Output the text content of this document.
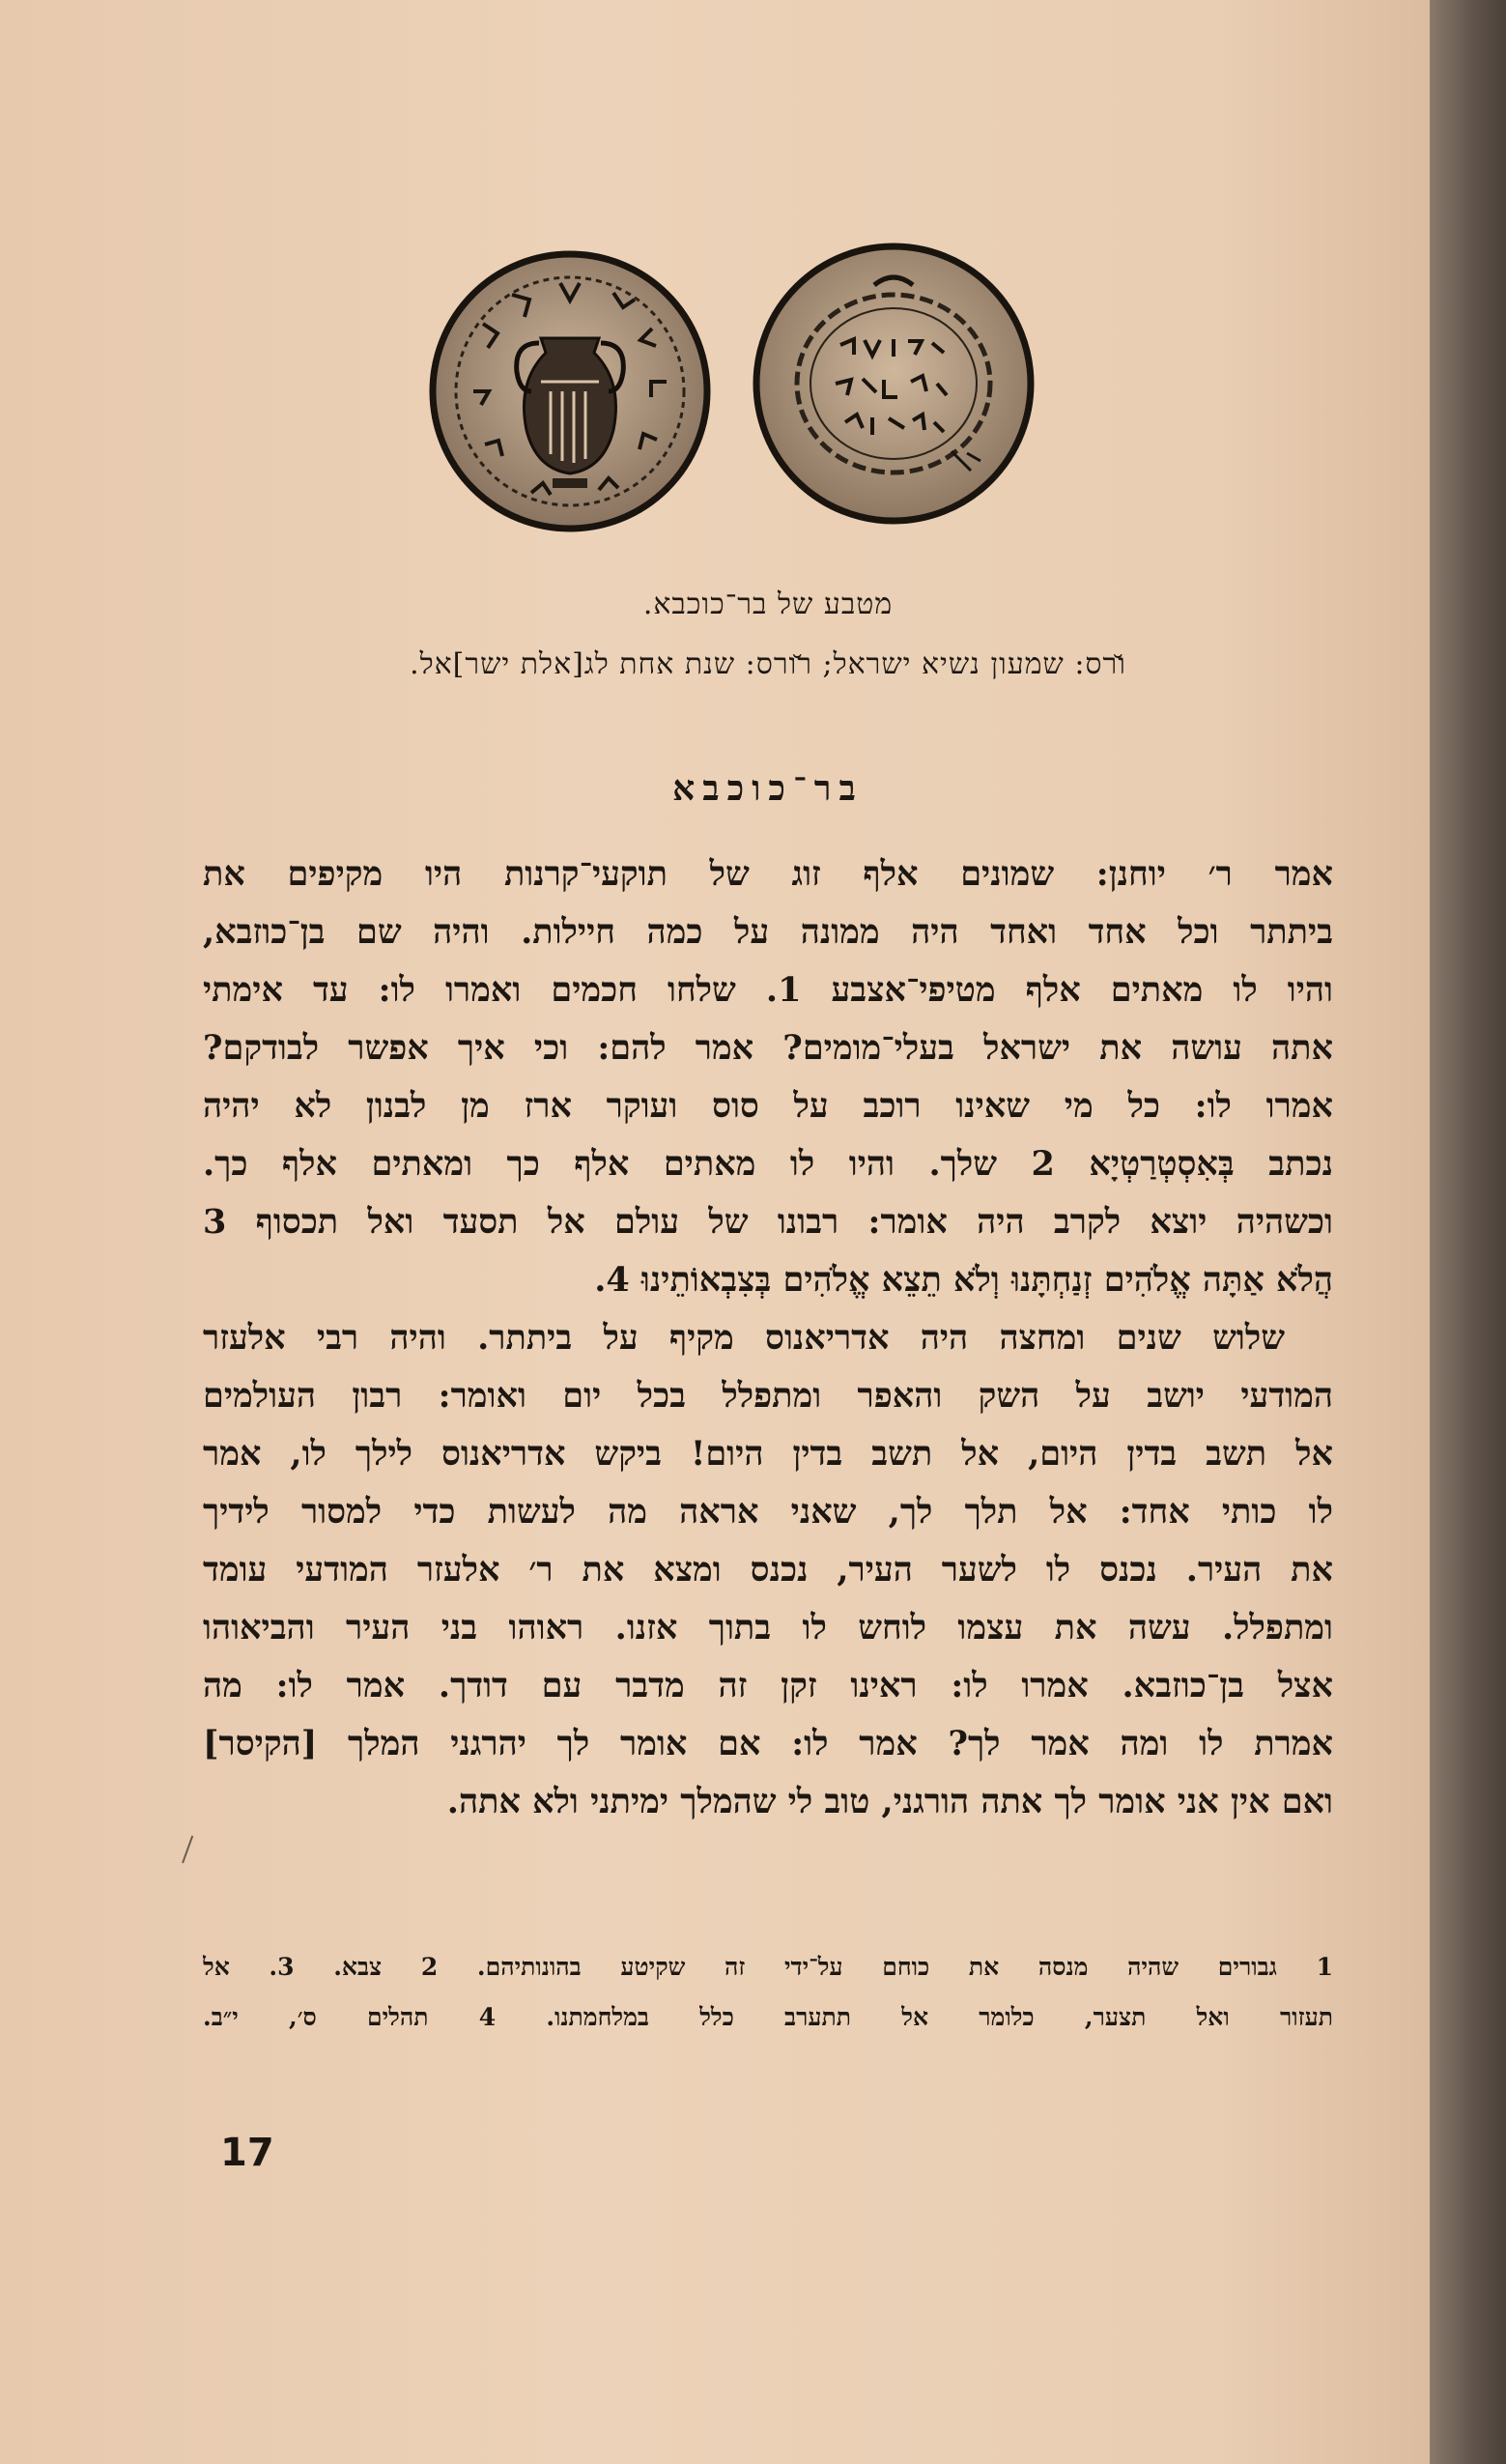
מטבע של בר־כוכבא.
ו̆רס: שמעון נשיא ישראל; ר̆ורס: שנת אחת לג[אלת ישר]אל.
בר־כוכבא
אמר ר׳ יוחנן: שמונים אלף זוג של תוקעי־קרנות היו מקיפים את
ביתתר וכל אחד ואחד היה ממונה על כמה חיילות. והיה שם בן־כוזבא,
והיו לו מאתים אלף מטיפי־אצבע 1. שלחו חכמים ואמרו לו: עד אימתי
אתה עושה את ישראל בעלי־מומים? אמר להם: וכי איך אפשר לבודקם?
אמרו לו: כל מי שאינו רוכב על סוס ועוקר ארז מן לבנון לא יהיה
נכתב בְּאִסְטְרַטְיָא 2 שלך. והיו לו מאתים אלף כך ומאתים אלף כך.
וכשהיה יוצא לקרב היה אומר: רבונו של עולם אל תסעד ואל תכסוף 3
הֲלֹא אַתָּה אֱלֹהִים זְנַחְתָּנוּ וְלֹא תֵצֵא אֱלֹהִים בְּצִבְאוֹתֵינוּ 4.
שלוש שנים ומחצה היה אדריאנוס מקיף על ביתתר. והיה רבי אלעזר
המודעי יושב על השק והאפר ומתפלל בכל יום ואומר: רבון העולמים
אל תשב בדין היום, אל תשב בדין היום! ביקש אדריאנוס לילך לו, אמר
לו כותי אחד: אל תלך לך, שאני אראה מה לעשות כדי למסור לידיך
את העיר. נכנס לו לשער העיר, נכנס ומצא את ר׳ אלעזר המודעי עומד
ומתפלל. עשה את עצמו לוחש לו בתוך אזנו. ראוהו בני העיר והביאוהו
אצל בן־כוזבא. אמרו לו: ראינו זקן זה מדבר עם דודך. אמר לו: מה
אמרת לו ומה אמר לך? אמר לו: אם אומר לך יהרגני המלך [הקיסר]
ואם אין אני אומר לך אתה הורגני, טוב לי שהמלך ימיתני ולא אתה.
1 גבורים שהיה מנסה את כוחם על־ידי זה שקיטע בהונותיהם. 2 צבא. 3. אל
תעזור ואל תצער, כלומר אל תתערב כלל במלחמתנו. 4 תהלים ס׳, י״ב.
17
